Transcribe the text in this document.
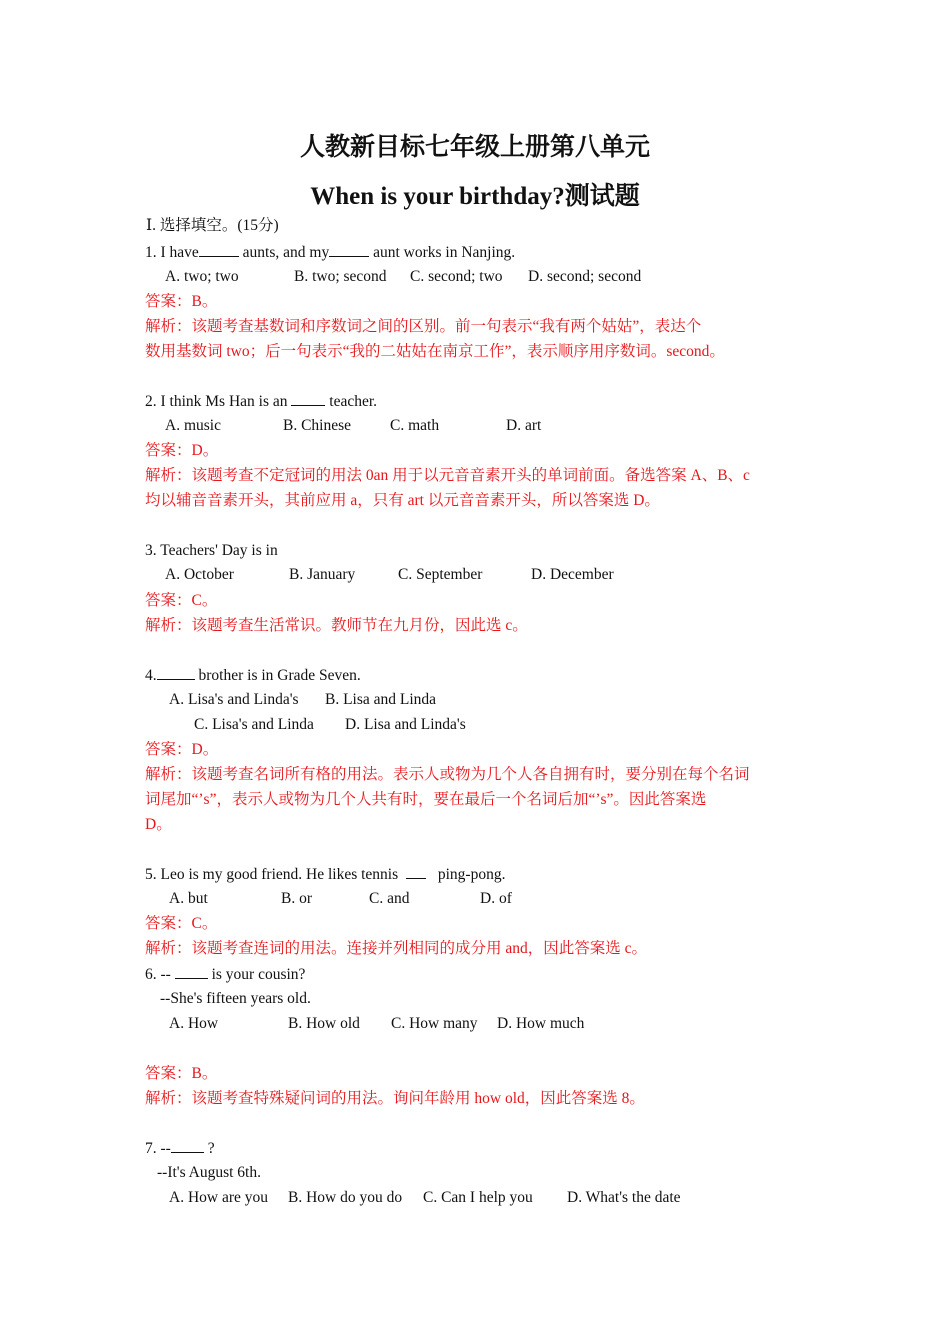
人教新目标七年级上册第八单元
When is your birthday?测试题
Ⅰ. 选择填空。(15分)
1. I have	aunts, and my	aunt works in Nanjing.
A. two; two	B. two; second C. second; two D. second; second
答案：B。
解析：该题考查基数词和序数词之间的区别。前一句表示“我有两个姑姑”，表达个
数用基数词 two；后一句表示“我的二姑姑在南京工作”，表示顺序用序数词。second。
2. I think Ms Han is an  teacher.
A. music	B. Chinese	C. math	D. art
答案：D。
解析：该题考查不定冠词的用法 0an 用于以元音音素开头的单词前面。备选答案 A、B、c
均以辅音音素开头，其前应用 a，只有 art 以元音音素开头，所以答案选 D。
3. Teachers' Day is in
A. October	B. January	C. September	D. December
答案：C。
解析：该题考查生活常识。教师节在九月份，因此选 c。
4. brother is in Grade Seven.
A. Lisa's and Linda's B. Lisa and Linda
C. Lisa's and Linda D. Lisa and Linda's
答案：D。
解析：该题考查名词所有格的用法。表示人或物为几个人各自拥有时，要分别在每个名词
词尾加“’s”，表示人或物为几个人共有时，要在最后一个名词后加“’s”。因此答案选
D。
5. Leo is my good friend. He likes tennis  ping-pong.
A. but	B. or	C. and	D. of
答案：C。
解析：该题考查连词的用法。连接并列相同的成分用 and，因此答案选 c。
6. --  is your cousin?
--She's fifteen years old.
A. How	B. How old C. How many D. How much
答案：B。
解析：该题考查特殊疑问词的用法。询问年龄用 how old，因此答案选 8。
7. -- ?
--It's August 6th.
A. How are you B. How do you do C. Can I help you D. What's the date
